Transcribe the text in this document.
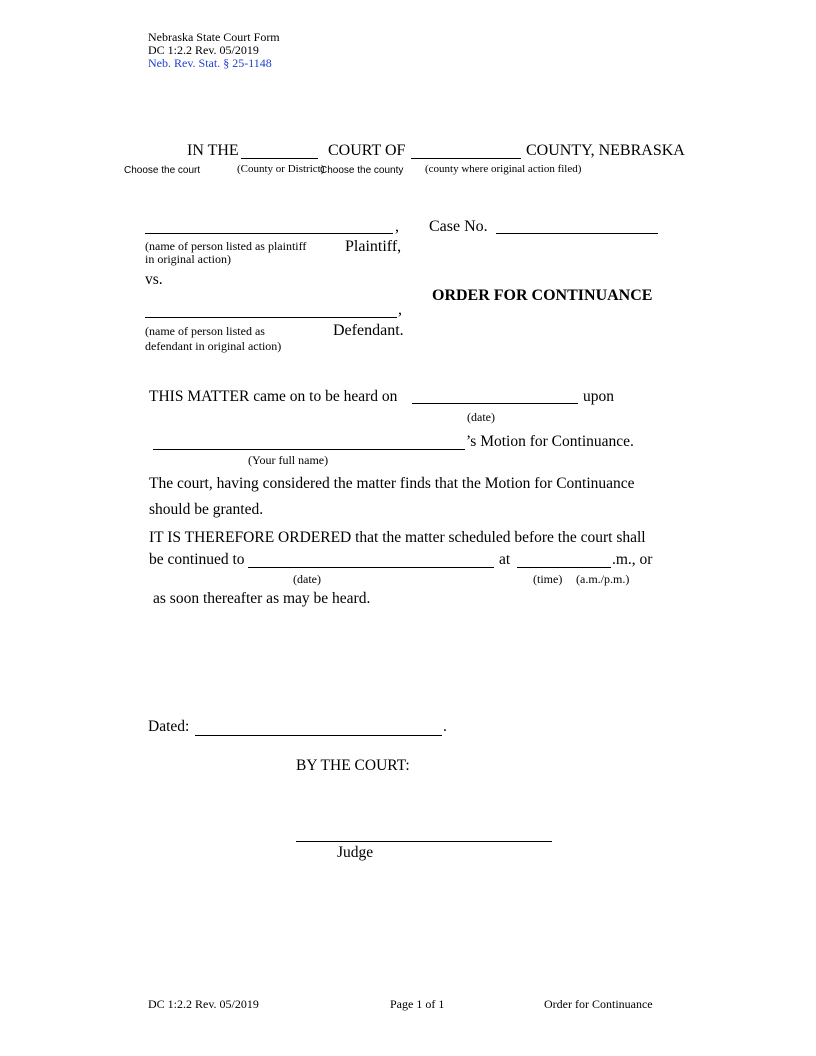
Nebraska State Court Form
DC 1:2.2 Rev. 05/2019
Neb. Rev. Stat. § 25-1148
IN THE	COURT OF	COUNTY, NEBRASKA
Choose the court	(County or District)
Choose the county (county where original action filed)
, Case No.
(name of person listed as plaintiff
in original action)
Plaintiff,
vs.
ORDER FOR CONTINUANCE
,
(name of person listed as
defendant in original action)
Defendant.
THIS MATTER came on to be heard on	upon
(date)
’s Motion for Continuance.
(Your full name)
The court, having considered the matter finds that the Motion for Continuance
should be granted.
IT IS THEREFORE ORDERED that the matter scheduled before the court shall
be continued to	at	.m., or
(date)	(time) (a.m./p.m.)
as soon thereafter as may be heard.
Dated:	.
BY THE COURT:
Judge
DC 1:2.2 Rev. 05/2019	Page 1 of 1	Order for Continuance
